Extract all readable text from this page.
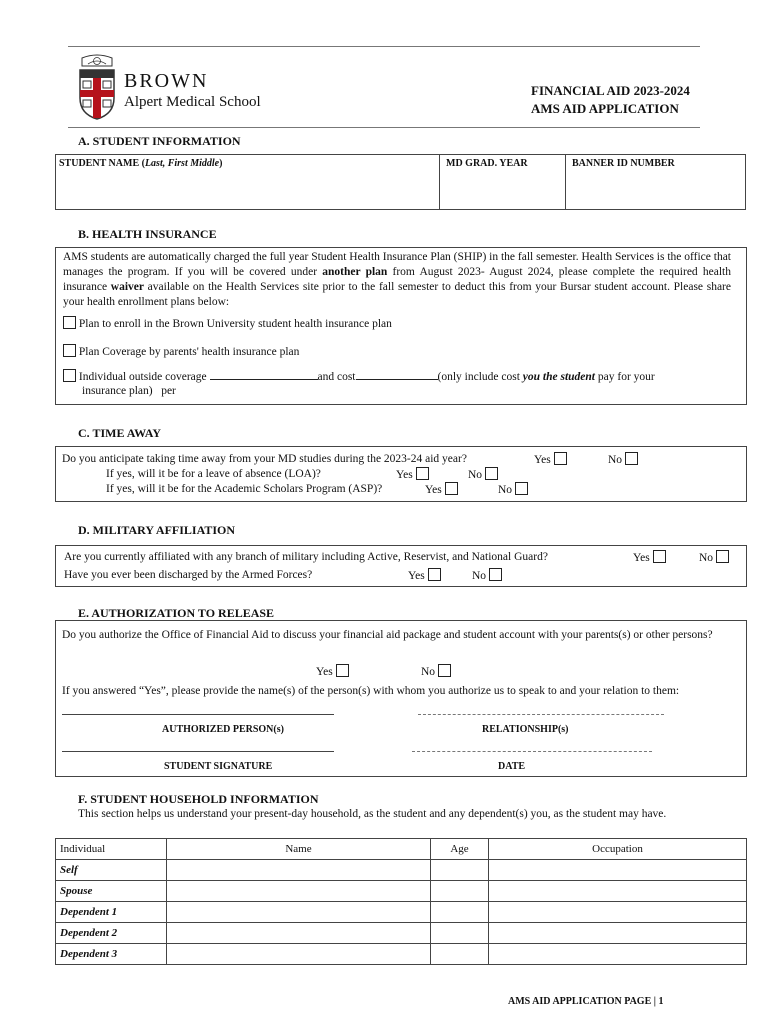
BROWN
Alpert Medical School
FINANCIAL AID 2023-2024
AMS AID APPLICATION
A. STUDENT INFORMATION
STUDENT NAME (Last, First Middle)	MD GRAD. YEAR	BANNER ID NUMBER
B. HEALTH INSURANCE
AMS students are automatically charged the full year Student Health Insurance Plan (SHIP) in the fall semester. Health Services is the office that manages the program. If you will be covered under another plan from August 2023- August 2024, please complete the required health insurance waiver available on the Health Services site prior to the fall semester to deduct this from your Bursar student account. Please share your health enrollment plans below:
Plan to enroll in the Brown University student health insurance plan
Plan Coverage by parents' health insurance plan
Individual outside coverage	and cost	(only include cost you the student pay for your
insurance plan)   per
C. TIME AWAY
Do you anticipate taking time away from your MD studies during the 2023-24 aid year?	Yes	No
If yes, will it be for a leave of absence (LOA)?	Yes	No
If yes, will it be for the Academic Scholars Program (ASP)?	Yes	No
D. MILITARY AFFILIATION
Are you currently affiliated with any branch of military including Active, Reservist, and National Guard?	Yes	No
Have you ever been discharged by the Armed Forces?	Yes	No
E. AUTHORIZATION TO RELEASE
Do you authorize the Office of Financial Aid to discuss your financial aid package and student account with your parents(s) or other persons?
Yes	No
If you answered “Yes”, please provide the name(s) of the person(s) with whom you authorize us to speak to and your relation to them:
AUTHORIZED PERSON(s)	RELATIONSHIP(s)
STUDENT SIGNATURE	DATE
F. STUDENT HOUSEHOLD INFORMATION
This section helps us understand your present-day household, as the student and any dependent(s) you, as the student may have.
Individual	Name	Age	Occupation
Self			
Spouse			
Dependent 1			
Dependent 2			
Dependent 3			
AMS AID APPLICATION PAGE | 1
